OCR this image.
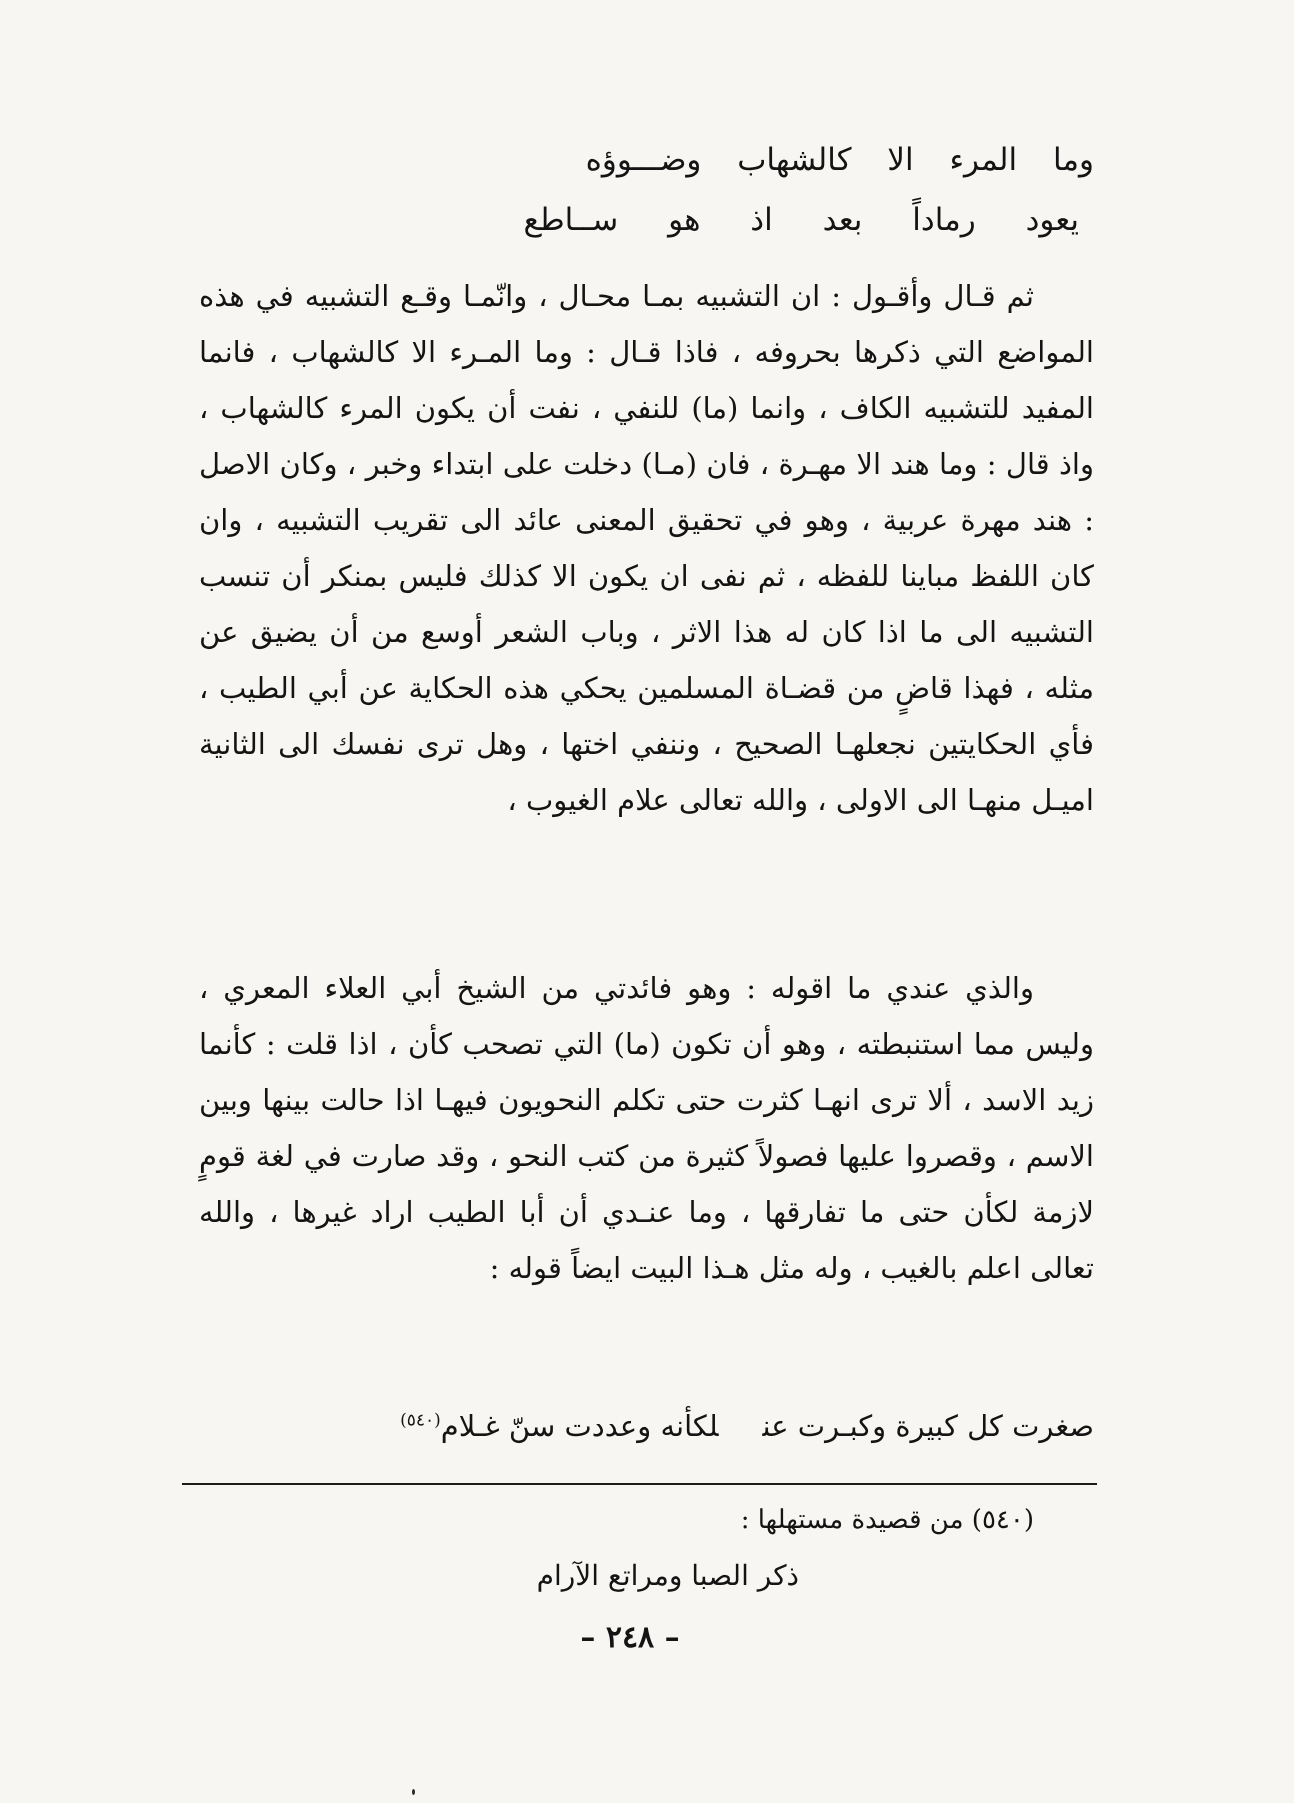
وما المرء الا كالشهاب وضـــوؤه
يعود رماداً بعد اذ هو ســاطع
ثم قـال وأقـول : ان التشبيه بمـا محـال ، وانّمـا وقـع التشبيه في هذه المواضع التي ذكرها بحروفه ، فاذا قـال : وما المـرء الا كالشهاب ، فانما المفيد للتشبيه الكاف ، وانما (ما) للنفي ، نفت أن يكون المرء كالشهاب ، واذ قال : وما هند الا مهـرة ، فان (مـا) دخلت على ابتداء وخبر ، وكان الاصل : هند مهرة عربية ، وهو في تحقيق المعنى عائد الى تقريب التشبيه ، وان كان اللفظ مباينا للفظه ، ثم نفى ان يكون الا كذلك فليس بمنكر أن تنسب التشبيه الى ما اذا كان له هذا الاثر ، وباب الشعر أوسع من أن يضيق عن مثله ، فهذا قاضٍ من قضـاة المسلمين يحكي هذه الحكاية عن أبي الطيب ، فأي الحكايتين نجعلهـا الصحيح ، وننفي اختها ، وهل ترى نفسك الى الثانية اميـل منهـا الى الاولى ، والله تعالى علام الغيوب ،
والذي عندي ما اقوله : وهو فائدتي من الشيخ أبي العلاء المعري ، وليس مما استنبطته ، وهو أن تكون (ما) التي تصحب كأن ، اذا قلت : كأنما زيد الاسد ، ألا ترى انهـا كثرت حتى تكلم النحويون فيهـا اذا حالت بينها وبين الاسم ، وقصروا عليها فصولاً كثيرة من كتب النحو ، وقد صارت في لغة قومٍ لازمة لكأن حتى ما تفارقها ، وما عنـدي أن أبا الطيب اراد غيرها ، والله تعالى اعلم بالغيب ، وله مثل هـذا البيت ايضاً قوله :
صغرت كل كبيرة وكبـرت عنلكأنه وعددت سنّ غـلام$^{(٥٤٠)}$
(٥٤٠) من قصيدة مستهلها :
ذكر الصبا ومراتع الآرام
– ٢٤٨ –
